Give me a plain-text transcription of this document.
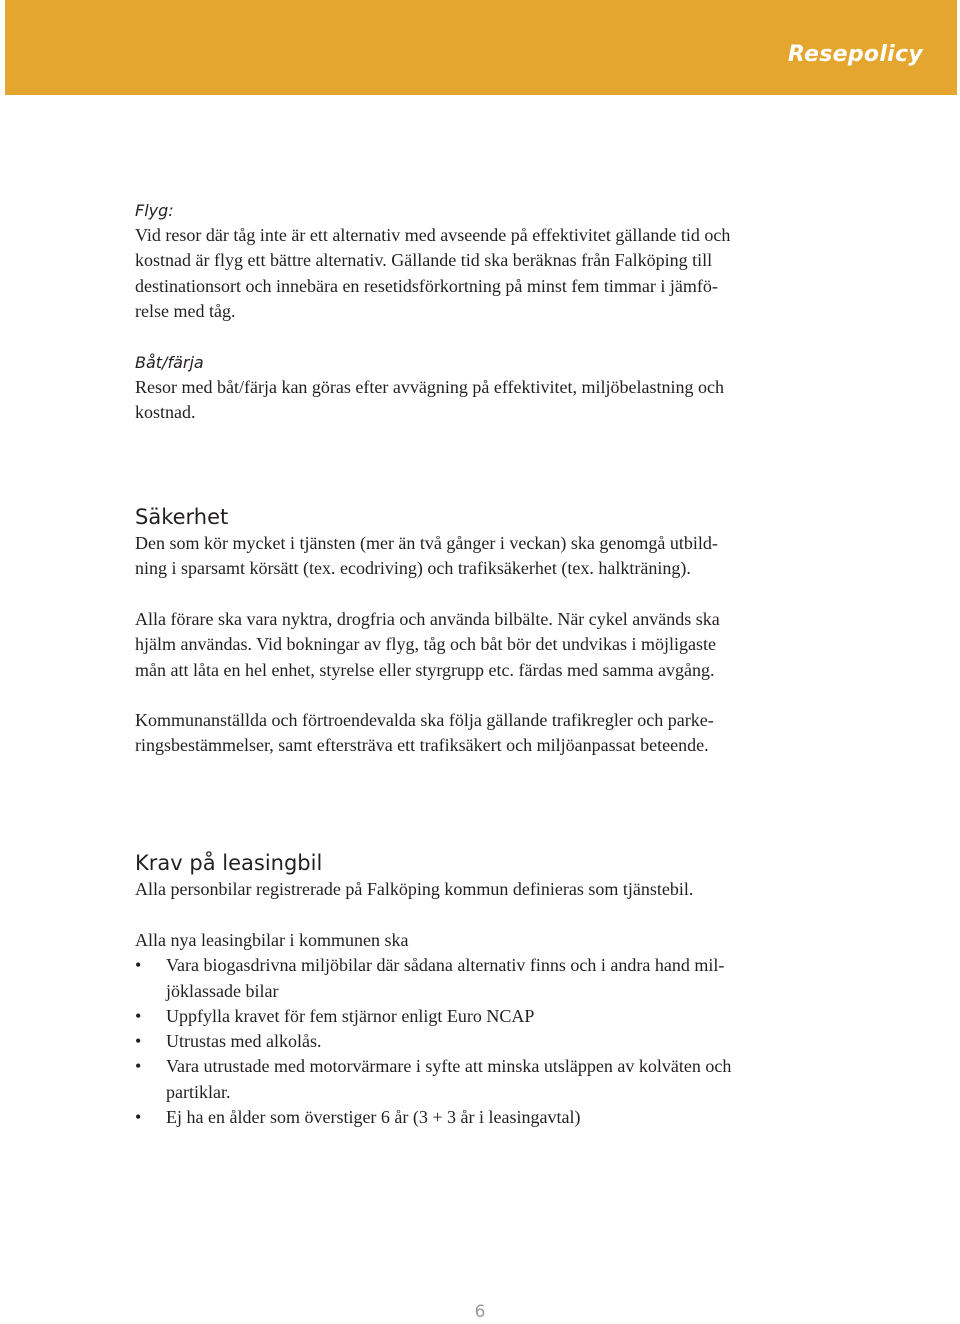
Resepolicy
Flyg:

Vid resor där tåg inte är ett alternativ med avseende på effektivitet gällande tid och
kostnad är flyg ett bättre alternativ. Gällande tid ska beräknas från Falköping till
destinationsort och innebära en resetidsförkortning på minst fem timmar i jämfö-
relse med tåg.

Båt/färja

Resor med båt/färja kan göras efter avvägning på effektivitet, miljöbelastning och
kostnad.

Säkerhet

Den som kör mycket i tjänsten (mer än två gånger i veckan) ska genomgå utbild-
ning i sparsamt körsätt (tex. ecodriving) och trafiksäkerhet (tex. halkträning).

Alla förare ska vara nyktra, drogfria och använda bilbälte. När cykel används ska
hjälm användas. Vid bokningar av flyg, tåg och båt bör det undvikas i möjligaste
mån att låta en hel enhet, styrelse eller styrgrupp etc. färdas med samma avgång.

Kommunanställda och förtroendevalda ska följa gällande trafikregler och parke-
ringsbestämmelser, samt eftersträva ett trafiksäkert och miljöanpassat beteende.

Krav på leasingbil

Alla personbilar registrerade på Falköping kommun definieras som tjänstebil.

Alla nya leasingbilar i kommunen ska

• Vara biogasdrivna miljöbilar där sådana alternativ finns och i andra hand mil-
jöklassade bilar
• Uppfylla kravet för fem stjärnor enligt Euro NCAP
• Utrustas med alkolås.
• Vara utrustade med motorvärmare i syfte att minska utsläppen av kolväten och
partiklar.
• Ej ha en ålder som överstiger 6 år (3 + 3 år i leasingavtal)
6
